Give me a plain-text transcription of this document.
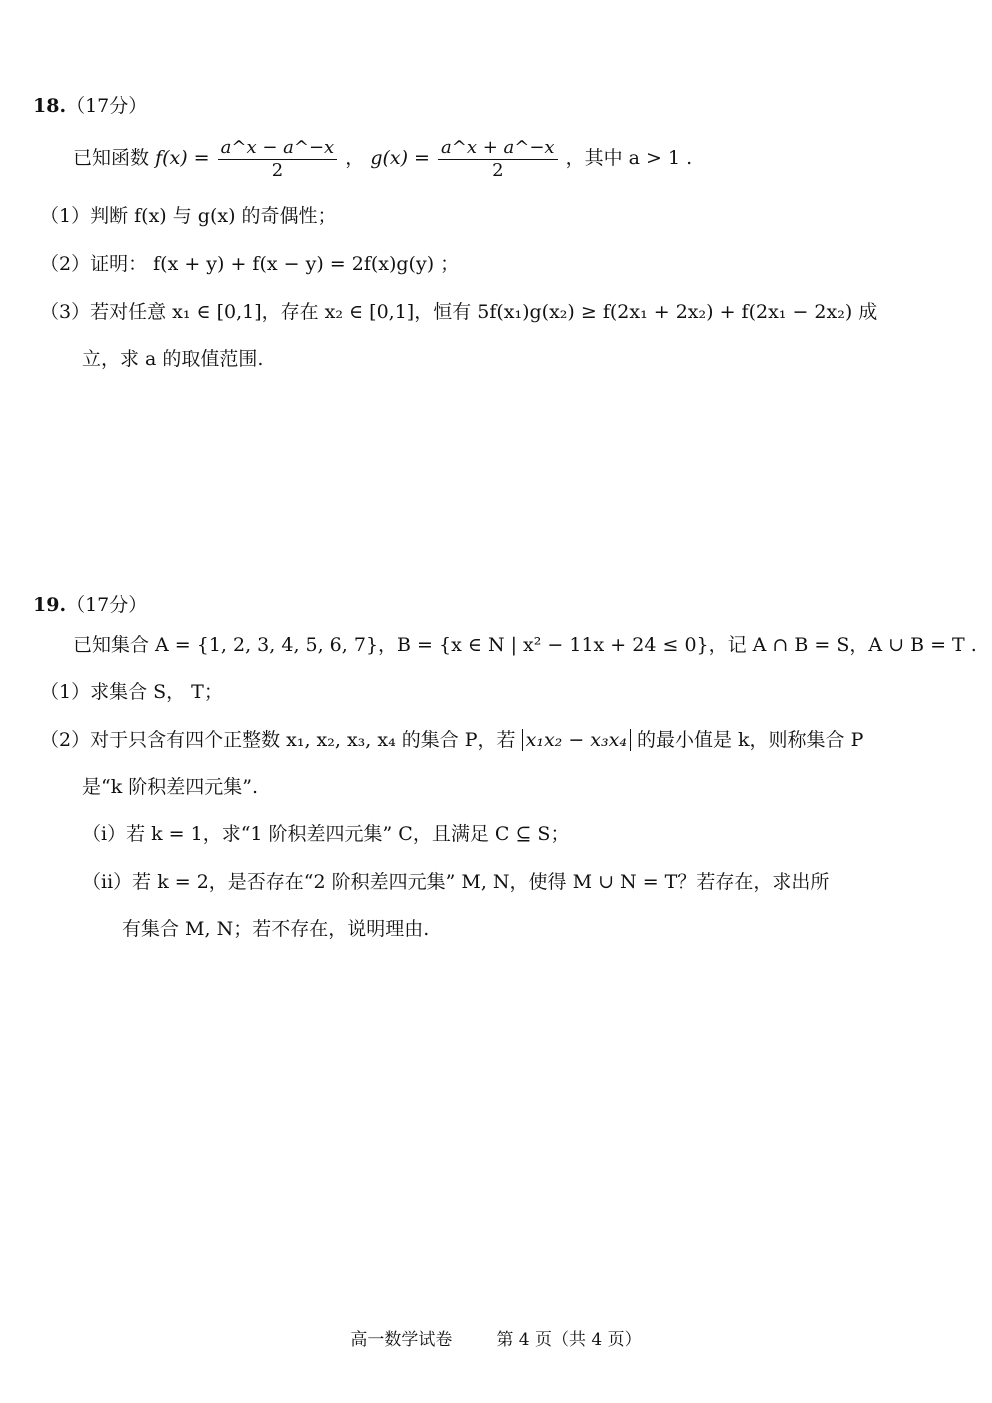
18.（17分）
已知函数 $f(x) = \frac{a\^{}x - a\^{}-x}{2}$ ， $g(x) = \frac{a\^{}x + a\^{}-x}{2}$ ，其中 a > 1 .
（1）判断 f(x) 与 g(x) 的奇偶性；
（2）证明： f(x + y) + f(x − y) = 2f(x)g(y) ；
（3）若对任意 x₁ ∈ [0,1]，存在 x₂ ∈ [0,1]，恒有 5f(x₁)g(x₂) ≥ f(2x₁ + 2x₂) + f(2x₁ − 2x₂) 成
立，求 a 的取值范围.
19.（17分）
已知集合 A = {1, 2, 3, 4, 5, 6, 7}，B = {x ∈ N | x² − 11x + 24 ≤ 0}，记 A ∩ B = S，A ∪ B = T .
（1）求集合 S， T；
（2）对于只含有四个正整数 x₁, x₂, x₃, x₄ 的集合 P，若 x₁x₂ − x₃x₄ 的最小值是 k，则称集合 P
是“k 阶积差四元集”.
（i）若 k = 1，求“1 阶积差四元集” C，且满足 C ⊆ S；
（ii）若 k = 2，是否存在“2 阶积差四元集” M, N，使得 M ∪ N = T？若存在，求出所
有集合 M, N；若不存在，说明理由.
高一数学试卷	第 4 页（共 4 页）
